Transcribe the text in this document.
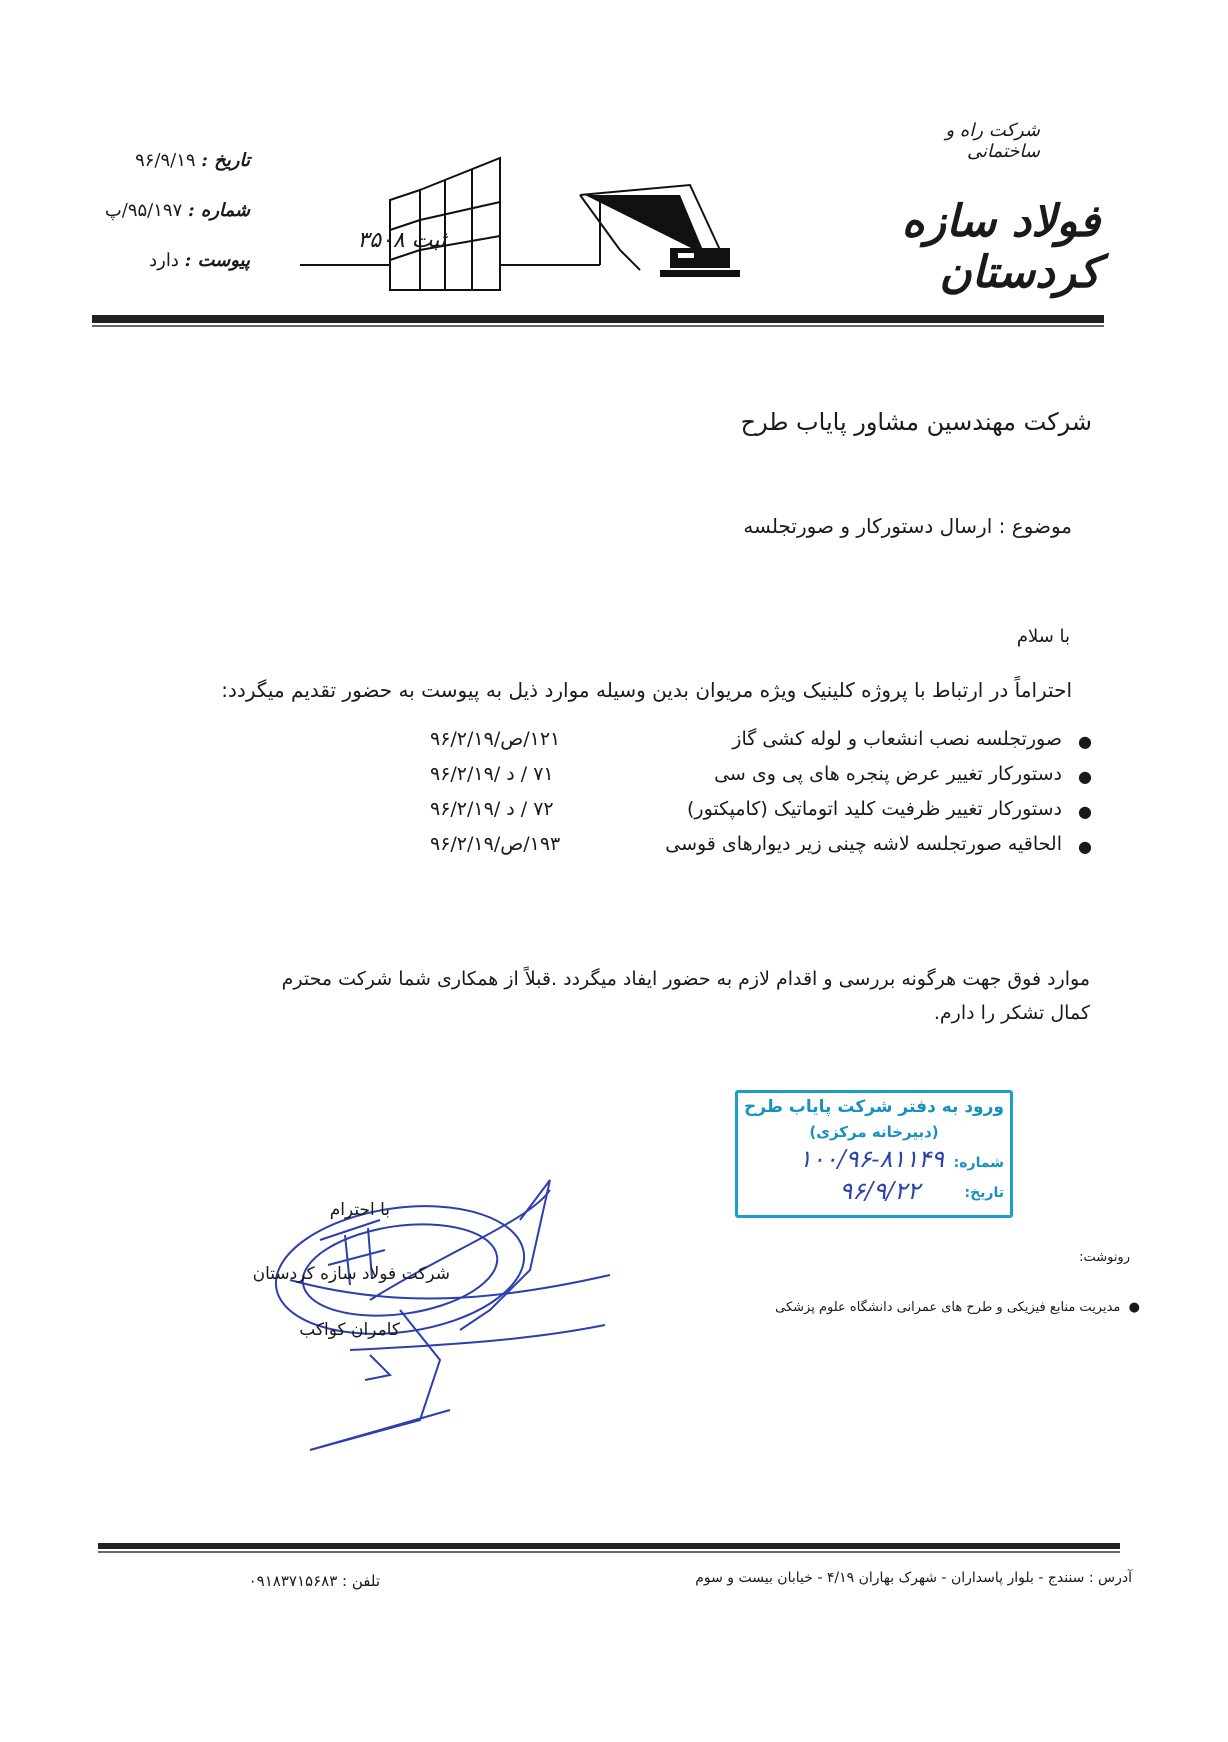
شرکت راه و ساختمانی
فولاد سازه کردستان
ثبت ۳۵۰۸
تاریخ : ۹۶/۹/۱۹
شماره : ۹۵/۱۹۷/پ
پیوست : دارد
شرکت مهندسین مشاور پایاب طرح
موضوع : ارسال دستورکار و صورتجلسه
با سلام
احتراماً در ارتباط با پروژه کلینیک ویژه مریوان بدین وسیله موارد ذیل به پیوست به حضور تقدیم میگردد:
●
صورتجلسه نصب انشعاب و لوله کشی گاز
۱۲۱/ص/۹۶/۲/۱۹
●
دستورکار تغییر عرض پنجره های پی وی سی
۷۱ / د /۹۶/۲/۱۹
●
دستورکار تغییر ظرفیت کلید اتوماتیک (کامپکتور)
۷۲ / د /۹۶/۲/۱۹
●
الحاقیه صورتجلسه لاشه چینی زیر دیوارهای قوسی
۱۹۳/ص/۹۶/۲/۱۹
موارد فوق جهت هرگونه بررسی و اقدام لازم به حضور ایفاد میگردد .قبلاً از همکاری شما شرکت محترم
کمال تشکر را دارم.
ورود به دفتر شرکت پایاب طرح
(دبیرخانه مرکزی)
شماره:
۱۰۰/۹۶-۸۱۱۴۹
تاریخ:
۹۶/۹/۲۲
با احترام
شرکت فولاد سازه کردستان
کامران کواکب
رونوشت:
●  مدیریت منابع فیزیکی و طرح های عمرانی دانشگاه علوم پزشکی
آدرس : سنندج - بلوار پاسداران - شهرک بهاران ۴/۱۹ - خیابان بیست و سوم
تلفن : ۰۹۱۸۳۷۱۵۶۸۳
